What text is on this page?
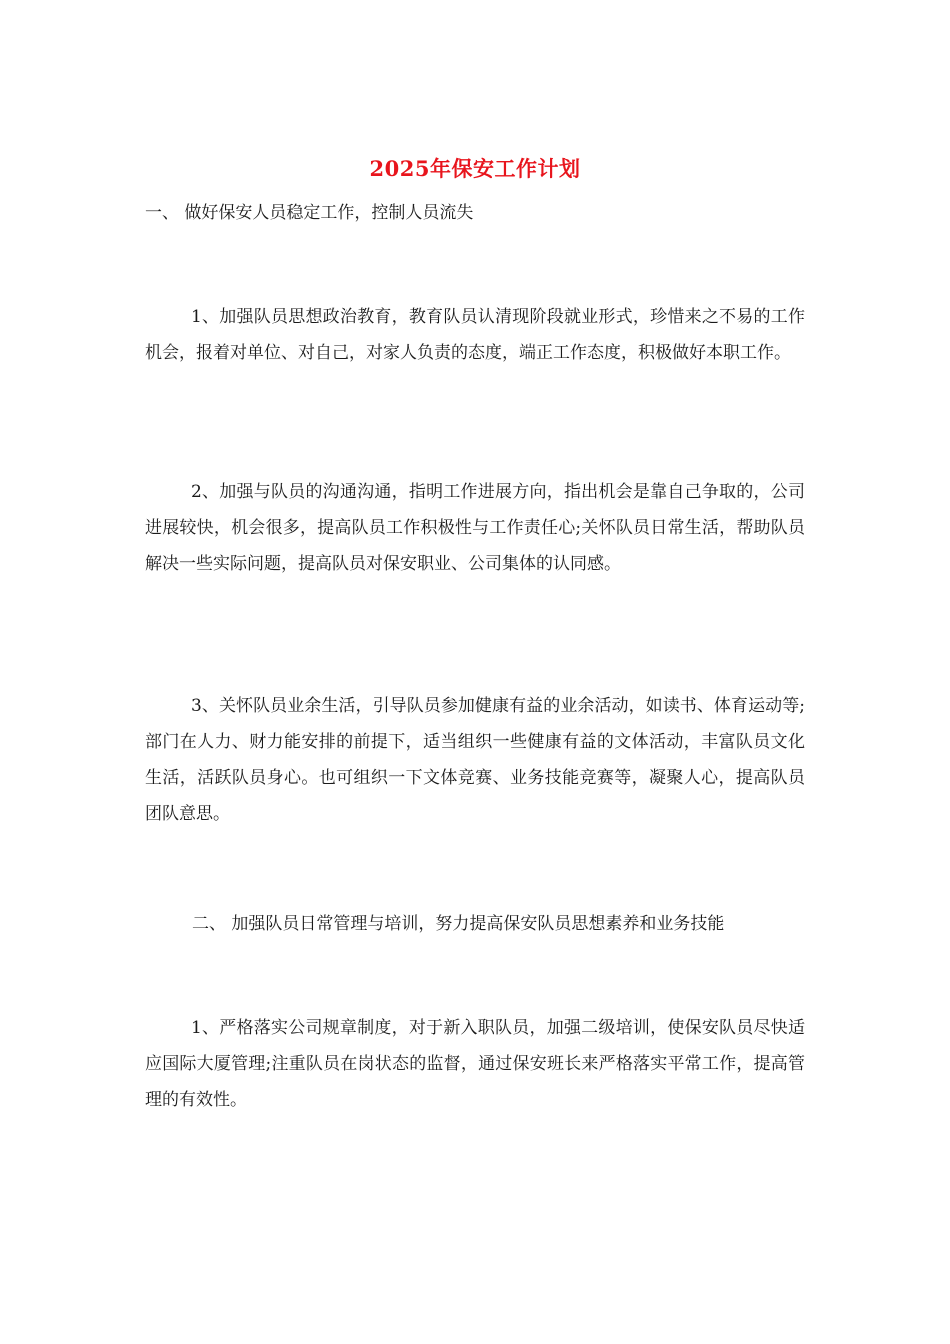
2025年保安工作计划
一、 做好保安人员稳定工作，控制人员流失
1、加强队员思想政治教育，教育队员认清现阶段就业形式，珍惜来之不易的工作机会，报着对单位、对自己，对家人负责的态度，端正工作态度，积极做好本职工作。
2、加强与队员的沟通沟通，指明工作进展方向，指出机会是靠自己争取的，公司进展较快，机会很多，提高队员工作积极性与工作责任心;关怀队员日常生活，帮助队员解决一些实际问题，提高队员对保安职业、公司集体的认同感。
3、关怀队员业余生活，引导队员参加健康有益的业余活动，如读书、体育运动等;部门在人力、财力能安排的前提下，适当组织一些健康有益的文体活动，丰富队员文化生活，活跃队员身心。也可组织一下文体竞赛、业务技能竞赛等，凝聚人心，提高队员团队意思。
二、 加强队员日常管理与培训，努力提高保安队员思想素养和业务技能
1、严格落实公司规章制度，对于新入职队员，加强二级培训，使保安队员尽快适应国际大厦管理;注重队员在岗状态的监督，通过保安班长来严格落实平常工作，提高管理的有效性。
